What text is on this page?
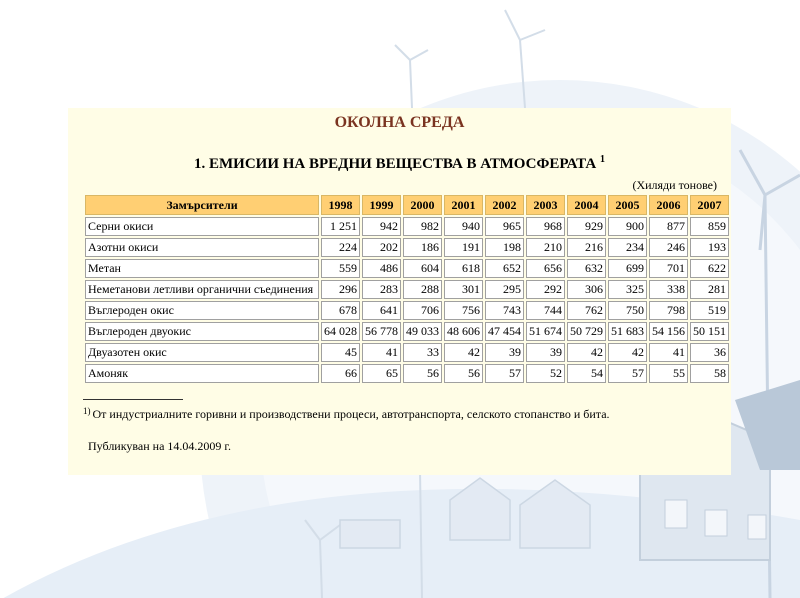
ОКОЛНА СРЕДА
1. ЕМИСИИ НА ВРЕДНИ ВЕЩЕСТВА В АТМОСФЕРАТА $^1$
(Хиляди тонове)
Замърсители	1998	1999	2000	2001	2002	2003	2004	2005	2006	2007
Серни окиси	1 251	942	982	940	965	968	929	900	877	859
Азотни окиси	224	202	186	191	198	210	216	234	246	193
Метан	559	486	604	618	652	656	632	699	701	622
Неметанови летливи органични съединения	296	283	288	301	295	292	306	325	338	281
Въглероден окис	678	641	706	756	743	744	762	750	798	519
Въглероден двуокис	64 028	56 778	49 033	48 606	47 454	51 674	50 729	51 683	54 156	50 151
Двуазотен окис	45	41	33	42	39	39	42	42	41	36
Амоняк	66	65	56	56	57	52	54	57	55	58
$^{1)}$ От индустриалните горивни и производствени процеси, автотранспорта, селското стопанство и бита.
Публикуван на 14.04.2009 г.
